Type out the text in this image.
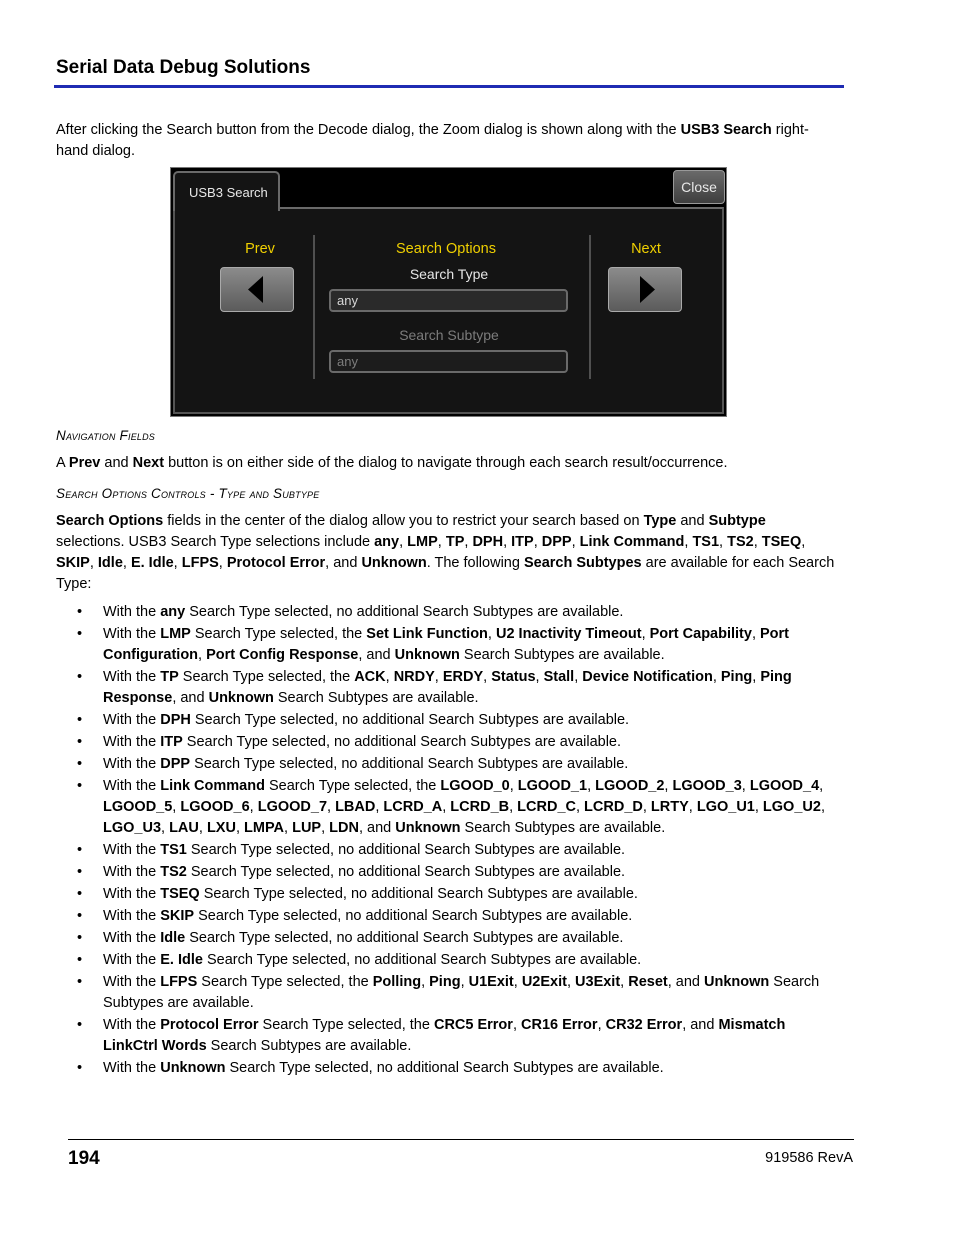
Serial Data Debug Solutions

After clicking the Search button from the Decode dialog, the Zoom dialog is shown along with the USB3 Search right-hand dialog.

USB3 Search	Close
Prev	Search Options
Search Type
any
Search Subtype
any
Next
Navigation Fields

A Prev and Next button is on either side of the dialog to navigate through each search result/occurrence.

Search Options Controls - Type and Subtype

Search Options fields in the center of the dialog allow you to restrict your search based on Type and Subtype selections. USB3 Search Type selections include any, LMP, TP, DPH, ITP, DPP, Link Command, TS1, TS2, TSEQ, SKIP, Idle, E. Idle, LFPS, Protocol Error, and Unknown. The following Search Subtypes are available for each Search Type:

• With the any Search Type selected, no additional Search Subtypes are available.
• With the LMP Search Type selected, the Set Link Function, U2 Inactivity Timeout, Port Capability, Port Configuration, Port Config Response, and Unknown Search Subtypes are available.
• With the TP Search Type selected, the ACK, NRDY, ERDY, Status, Stall, Device Notification, Ping, Ping Response, and Unknown Search Subtypes are available.
• With the DPH Search Type selected, no additional Search Subtypes are available.
• With the ITP Search Type selected, no additional Search Subtypes are available.
• With the DPP Search Type selected, no additional Search Subtypes are available.
• With the Link Command Search Type selected, the LGOOD_0, LGOOD_1, LGOOD_2, LGOOD_3, LGOOD_4, LGOOD_5, LGOOD_6, LGOOD_7, LBAD, LCRD_A, LCRD_B, LCRD_C, LCRD_D, LRTY, LGO_U1, LGO_U2, LGO_U3, LAU, LXU, LMPA, LUP, LDN, and Unknown Search Subtypes are available.
• With the TS1 Search Type selected, no additional Search Subtypes are available.
• With the TS2 Search Type selected, no additional Search Subtypes are available.
• With the TSEQ Search Type selected, no additional Search Subtypes are available.
• With the SKIP Search Type selected, no additional Search Subtypes are available.
• With the Idle Search Type selected, no additional Search Subtypes are available.
• With the E. Idle Search Type selected, no additional Search Subtypes are available.
• With the LFPS Search Type selected, the Polling, Ping, U1Exit, U2Exit, U3Exit, Reset, and Unknown Search Subtypes are available.
• With the Protocol Error Search Type selected, the CRC5 Error, CR16 Error, CR32 Error, and Mismatch LinkCtrl Words Search Subtypes are available.
• With the Unknown Search Type selected, no additional Search Subtypes are available.
194	919586 RevA
